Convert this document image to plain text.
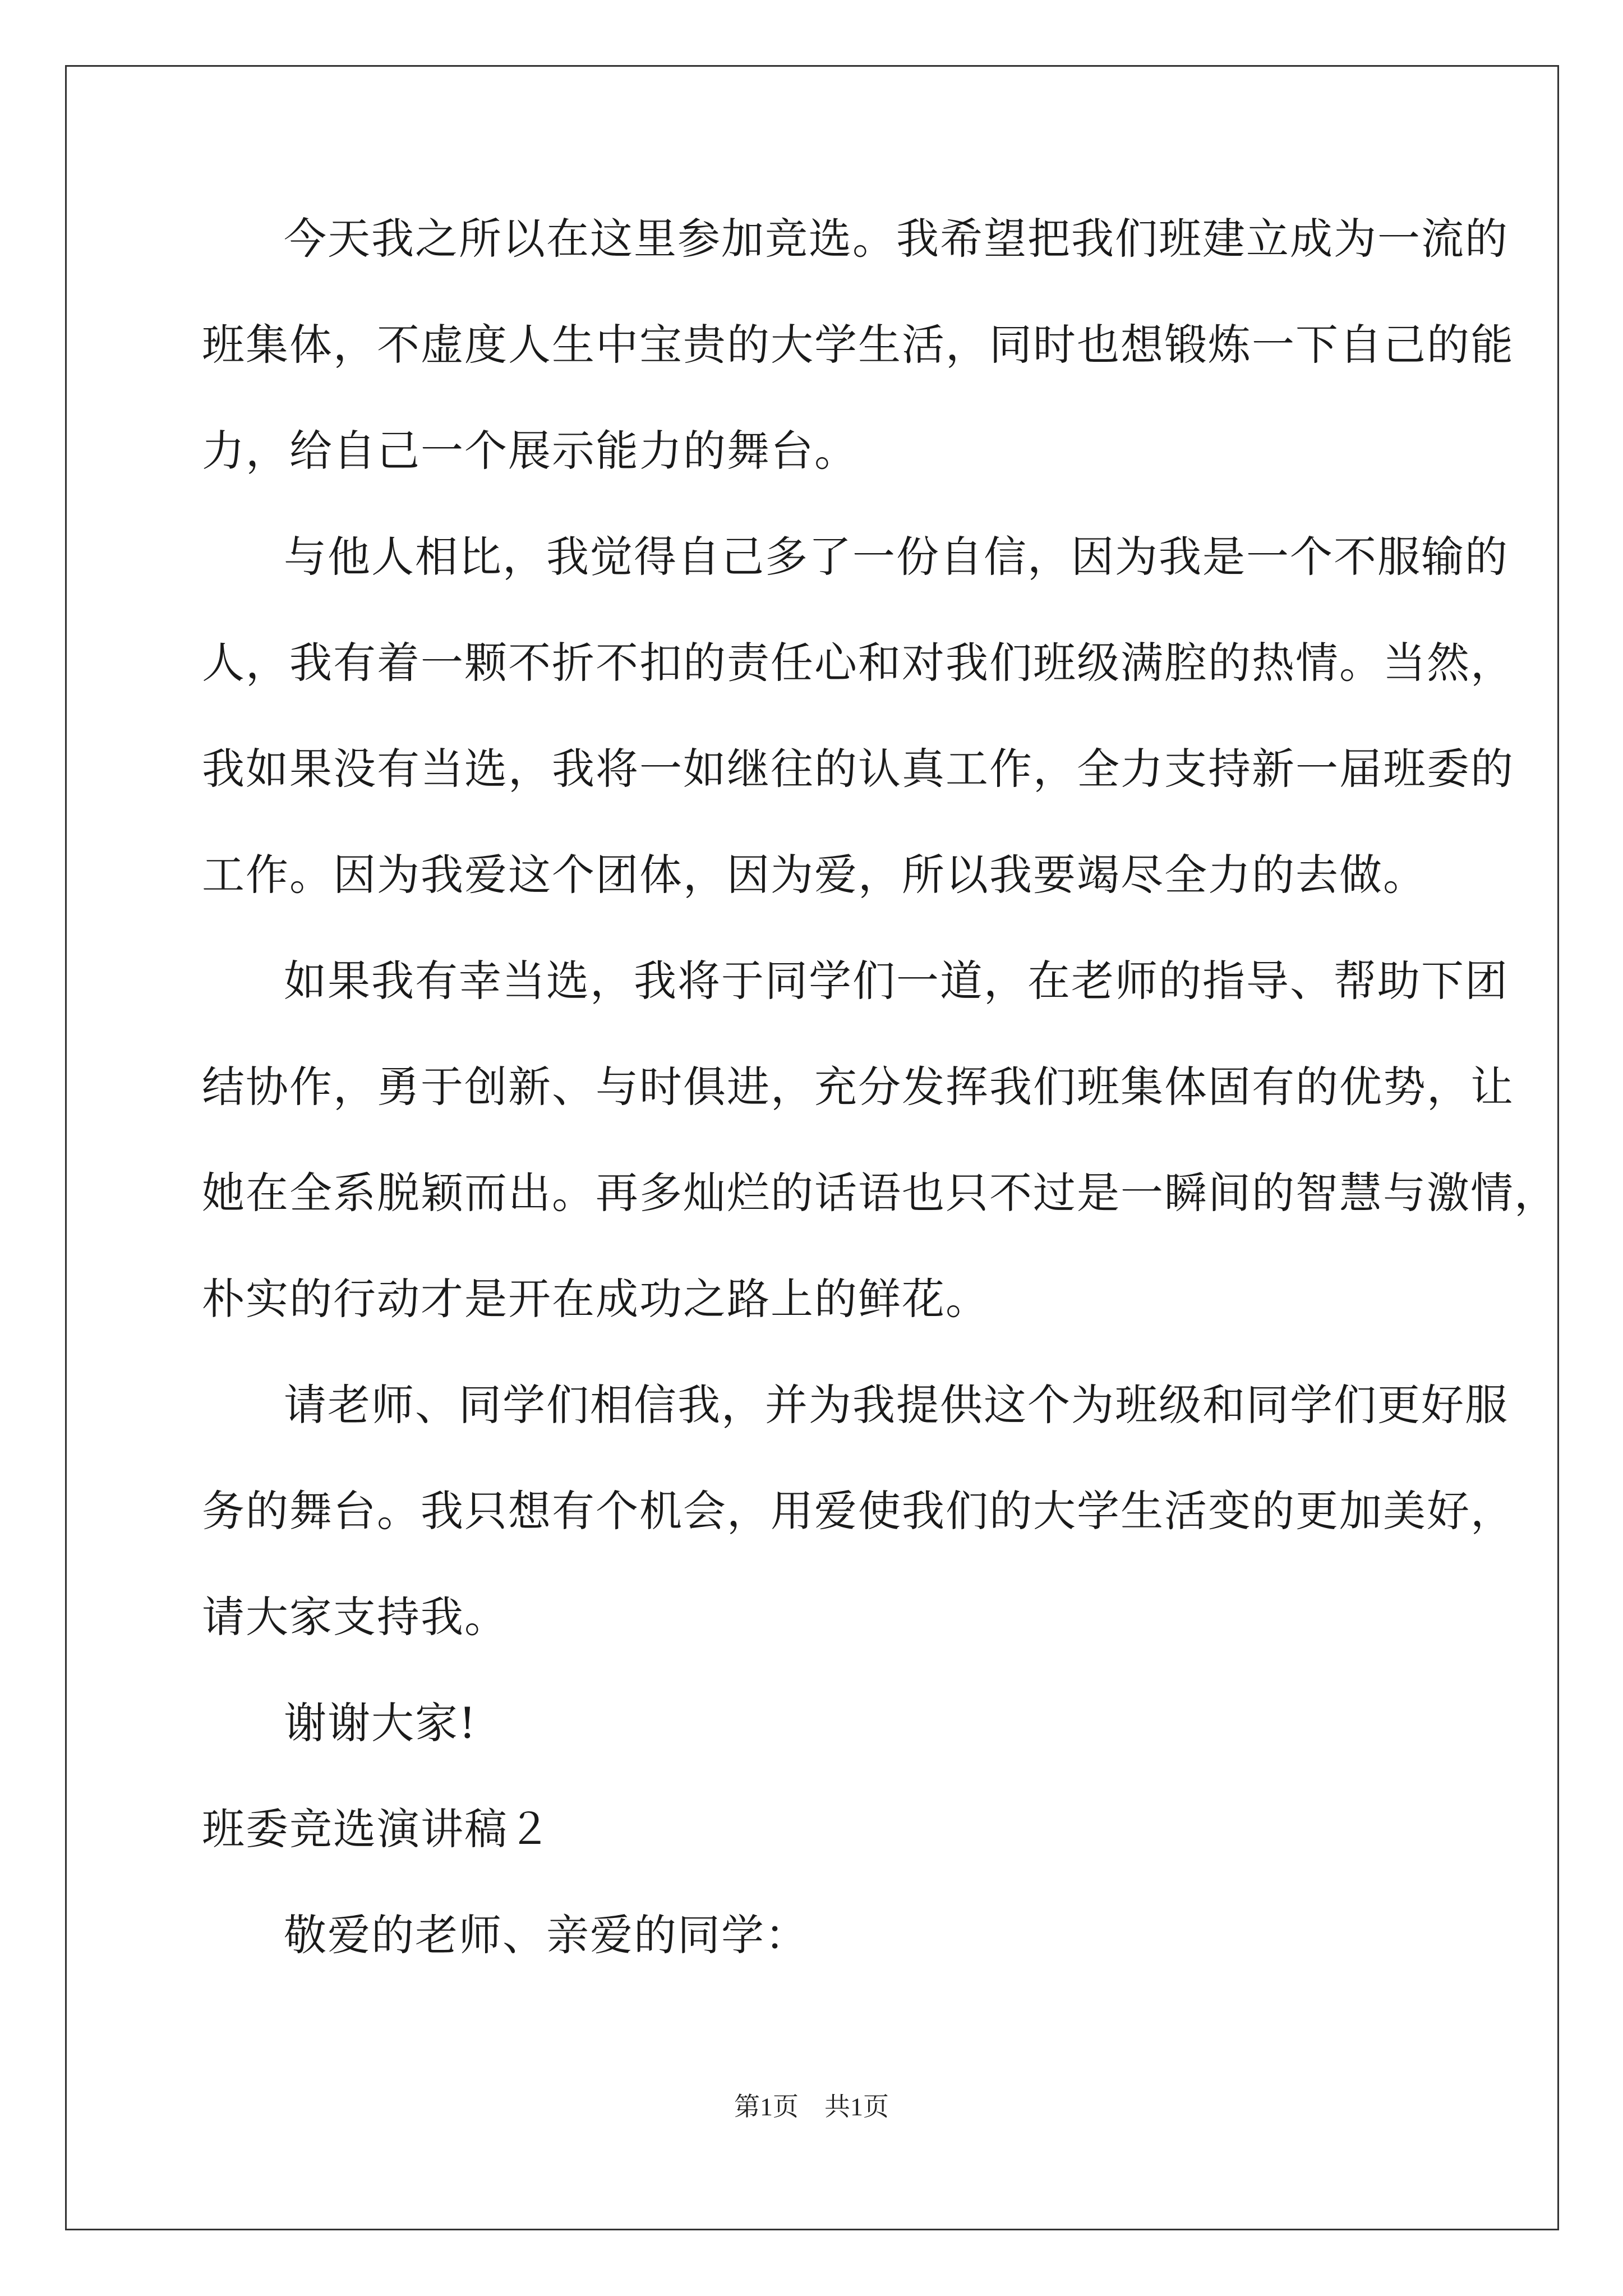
今天我之所以在这里参加竞选。我希望把我们班建立成为一流的
班集体，不虚度人生中宝贵的大学生活，同时也想锻炼一下自己的能
力，给自己一个展示能力的舞台。
与他人相比，我觉得自己多了一份自信，因为我是一个不服输的
人，我有着一颗不折不扣的责任心和对我们班级满腔的热情。当然，
我如果没有当选，我将一如继往的认真工作，全力支持新一届班委的
工作。因为我爱这个团体，因为爱，所以我要竭尽全力的去做。
如果我有幸当选，我将于同学们一道，在老师的指导、帮助下团
结协作，勇于创新、与时俱进，充分发挥我们班集体固有的优势，让
她在全系脱颖而出。再多灿烂的话语也只不过是一瞬间的智慧与激情，
朴实的行动才是开在成功之路上的鲜花。
请老师、同学们相信我，并为我提供这个为班级和同学们更好服
务的舞台。我只想有个机会，用爱使我们的大学生活变的更加美好，
请大家支持我。
谢谢大家!
班委竞选演讲稿２
敬爱的老师、亲爱的同学：
第1页　共1页
